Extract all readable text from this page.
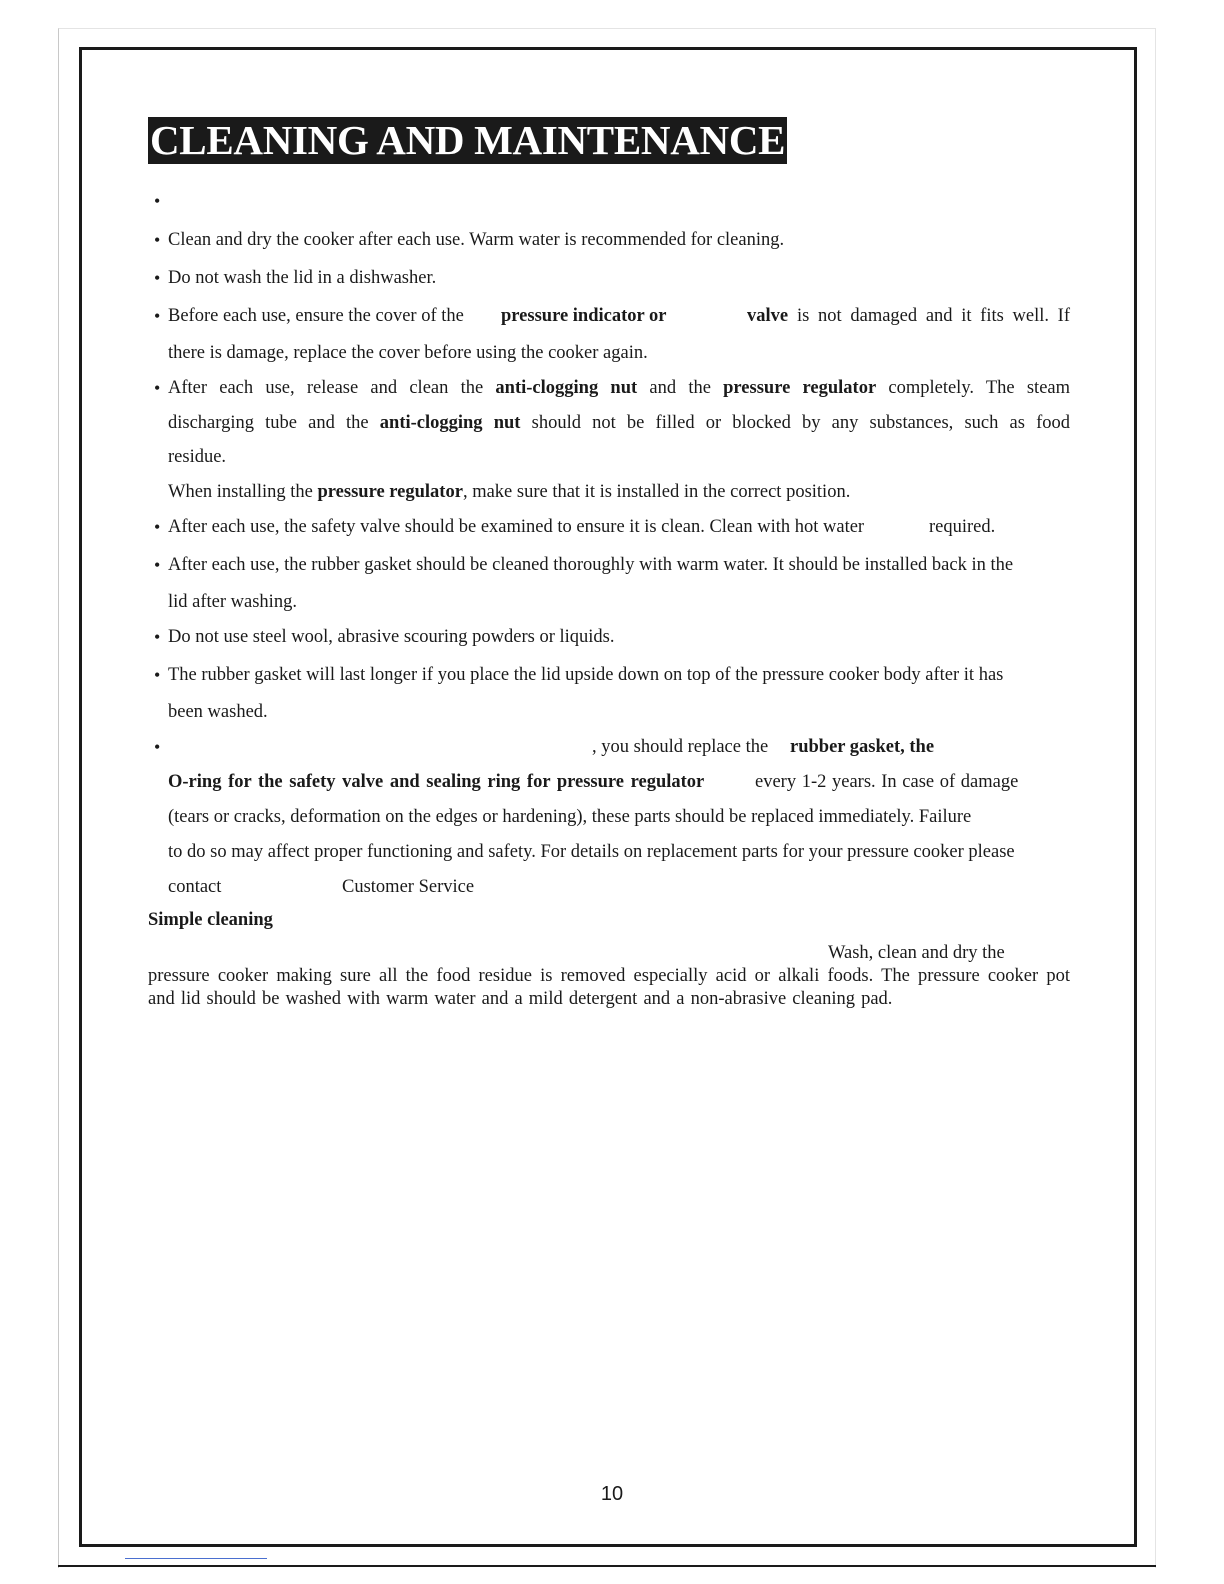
CLEANING AND MAINTENANCE
•
• Clean and dry the cooker after each use. Warm water is recommended for cleaning.
• Do not wash the lid in a dishwasher.
• Before each use, ensure the cover of the pressure indicator or	valve is not damaged and it fits well. If
there is damage, replace the cover before using the cooker again.
• After each use, release and clean the anti-clogging nut and the pressure regulator completely. The steam
discharging tube and the anti-clogging nut should not be filled or blocked by any substances, such as food
residue.
When installing the pressure regulator, make sure that it is installed in the correct position.
• After each use, the safety valve should be examined to ensure it is clean. Clean with hot water	required.
• After each use, the rubber gasket should be cleaned thoroughly with warm water. It should be installed back in the
lid after washing.
• Do not use steel wool, abrasive scouring powders or liquids.
• The rubber gasket will last longer if you place the lid upside down on top of the pressure cooker body after it has
been washed.
•	, you should replace the rubber gasket, the
O-ring for the safety valve and sealing ring for pressure regulator	every 1-2 years. In case of damage
(tears or cracks, deformation on the edges or hardening), these parts should be replaced immediately. Failure
to do so may affect proper functioning and safety. For details on replacement parts for your pressure cooker please
contact	Customer Service
Simple cleaning
Wash, clean and dry the
pressure cooker making sure all the food residue is removed especially acid or alkali foods. The pressure cooker pot
and lid should be washed with warm water and a mild detergent and a non-abrasive cleaning pad.
10
